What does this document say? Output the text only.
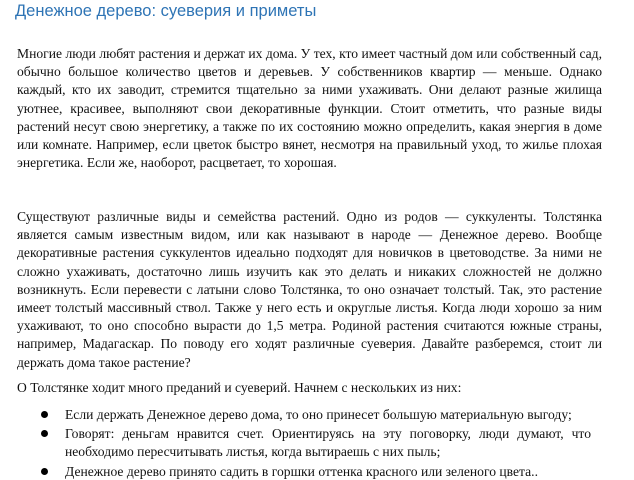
Денежное дерево: суеверия и приметы

Многие люди любят растения и держат их дома. У тех, кто имеет частный дом или собственный сад, обычно большое количество цветов и деревьев. У собственников квартир — меньше. Однако каждый, кто их заводит, стремится тщательно за ними ухаживать. Они делают разные жилища уютнее, красивее, выполняют свои декоративные функции. Стоит отметить, что разные виды растений несут свою энергетику, а также по их состоянию можно определить, какая энергия в доме или комнате. Например, если цветок быстро вянет, несмотря на правильный уход, то жилье плохая энергетика. Если же, наоборот, расцветает, то хорошая.

Существуют различные виды и семейства растений. Одно из родов — суккуленты. Толстянка является самым известным видом, или как называют в народе — Денежное дерево. Вообще декоративные растения суккулентов идеально подходят для новичков в цветоводстве. За ними не сложно ухаживать, достаточно лишь изучить как это делать и никаких сложностей не должно возникнуть. Если перевести с латыни слово Толстянка, то оно означает толстый. Так, это растение имеет толстый массивный ствол. Также у него есть и округлые листья. Когда люди хорошо за ним ухаживают, то оно способно вырасти до 1,5 метра. Родиной растения считаются южные страны, например, Мадагаскар. По поводу его ходят различные суеверия. Давайте разберемся, стоит ли держать дома такое растение?

О Толстянке ходит много преданий и суеверий. Начнем с нескольких из них:

Если держать Денежное дерево дома, то оно принесет большую материальную выгоду;
Говорят: деньгам нравится счет. Ориентируясь на эту поговорку, люди думают, что необходимо пересчитывать листья, когда вытираешь с них пыль;
Денежное дерево принято садить в горшки оттенка красного или зеленого цвета..
